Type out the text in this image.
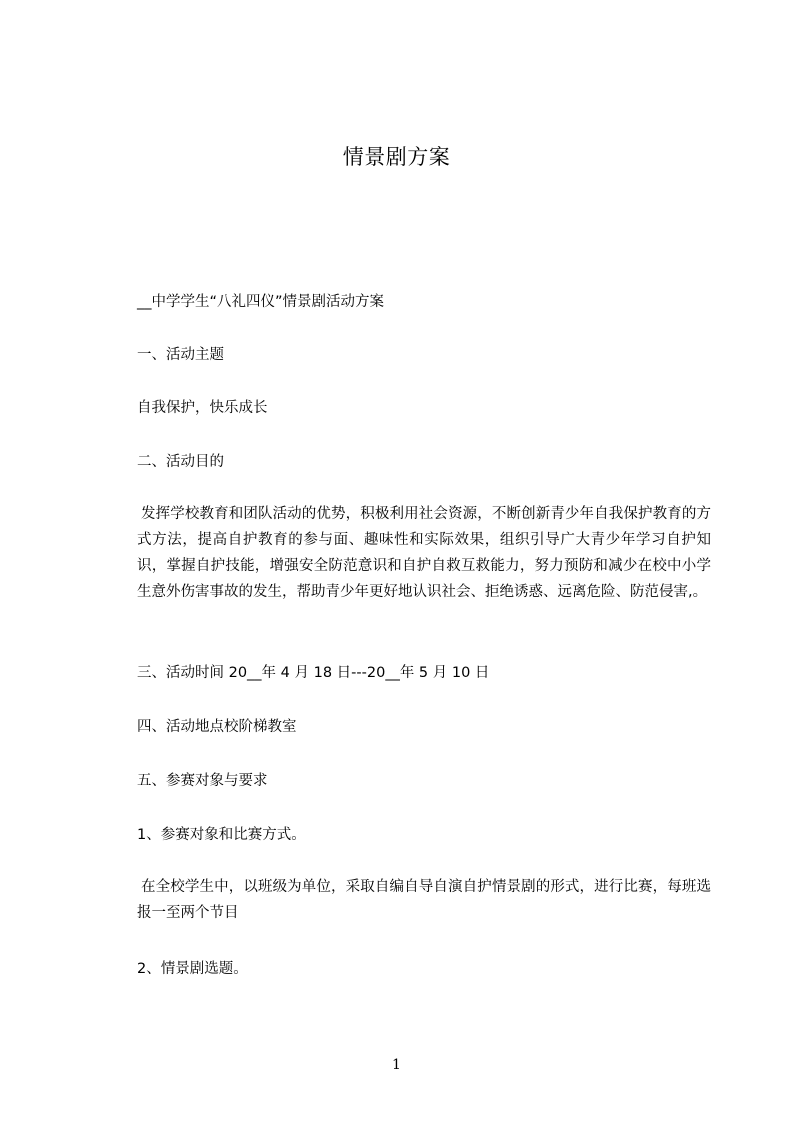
情景剧方案
__中学学生“八礼四仪”情景剧活动方案
一、活动主题
自我保护，快乐成长
二、活动目的
发挥学校教育和团队活动的优势，积极利用社会资源，不断创新青少年自我保护教育的方式方法，提高自护教育的参与面、趣味性和实际效果，组织引导广大青少年学习自护知识，掌握自护技能，增强安全防范意识和自护自救互救能力，努力预防和减少在校中小学生意外伤害事故的发生，帮助青少年更好地认识社会、拒绝诱惑、远离危险、防范侵害,。
三、活动时间 20__年 4 月 18 日---20__年 5 月 10 日
四、活动地点校阶梯教室
五、参赛对象与要求
1、参赛对象和比赛方式。
在全校学生中，以班级为单位，采取自编自导自演自护情景剧的形式，进行比赛，每班选报一至两个节目
2、情景剧选题。
1
